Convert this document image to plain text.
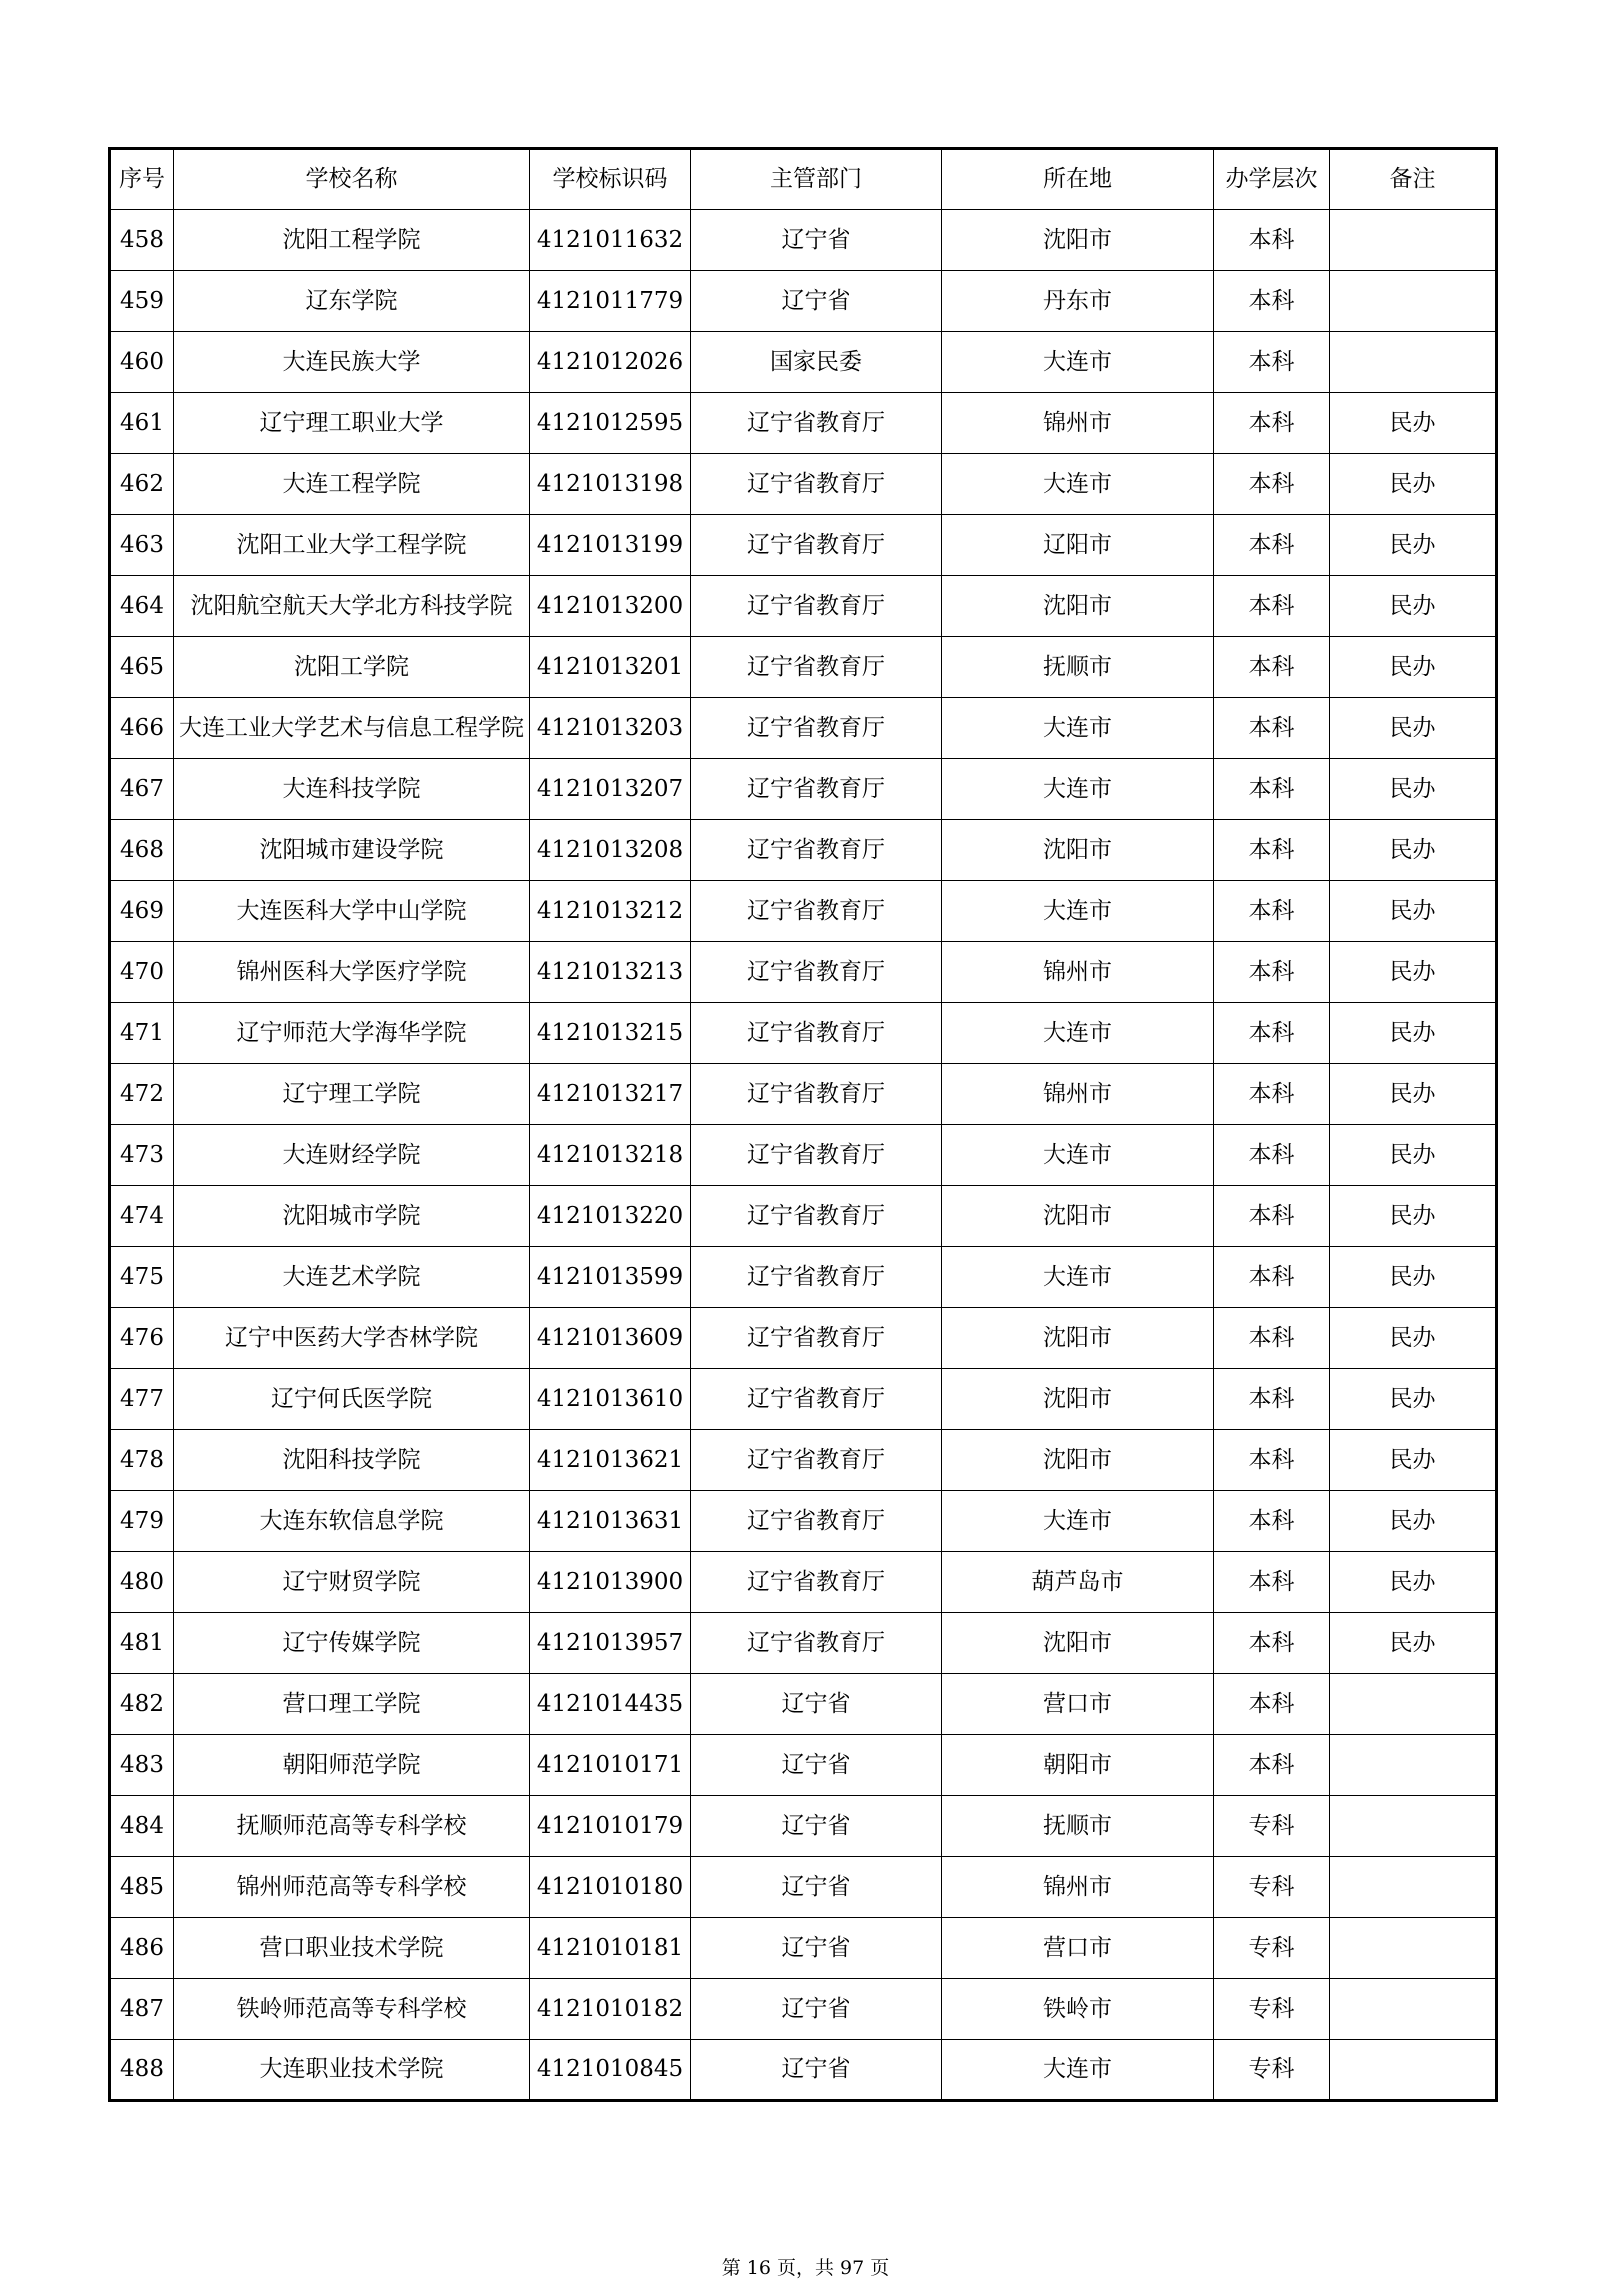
序号	学校名称	学校标识码	主管部门	所在地	办学层次	备注
458	沈阳工程学院	4121011632	辽宁省	沈阳市	本科	
459	辽东学院	4121011779	辽宁省	丹东市	本科	
460	大连民族大学	4121012026	国家民委	大连市	本科	
461	辽宁理工职业大学	4121012595	辽宁省教育厅	锦州市	本科	民办
462	大连工程学院	4121013198	辽宁省教育厅	大连市	本科	民办
463	沈阳工业大学工程学院	4121013199	辽宁省教育厅	辽阳市	本科	民办
464	沈阳航空航天大学北方科技学院	4121013200	辽宁省教育厅	沈阳市	本科	民办
465	沈阳工学院	4121013201	辽宁省教育厅	抚顺市	本科	民办
466	大连工业大学艺术与信息工程学院	4121013203	辽宁省教育厅	大连市	本科	民办
467	大连科技学院	4121013207	辽宁省教育厅	大连市	本科	民办
468	沈阳城市建设学院	4121013208	辽宁省教育厅	沈阳市	本科	民办
469	大连医科大学中山学院	4121013212	辽宁省教育厅	大连市	本科	民办
470	锦州医科大学医疗学院	4121013213	辽宁省教育厅	锦州市	本科	民办
471	辽宁师范大学海华学院	4121013215	辽宁省教育厅	大连市	本科	民办
472	辽宁理工学院	4121013217	辽宁省教育厅	锦州市	本科	民办
473	大连财经学院	4121013218	辽宁省教育厅	大连市	本科	民办
474	沈阳城市学院	4121013220	辽宁省教育厅	沈阳市	本科	民办
475	大连艺术学院	4121013599	辽宁省教育厅	大连市	本科	民办
476	辽宁中医药大学杏林学院	4121013609	辽宁省教育厅	沈阳市	本科	民办
477	辽宁何氏医学院	4121013610	辽宁省教育厅	沈阳市	本科	民办
478	沈阳科技学院	4121013621	辽宁省教育厅	沈阳市	本科	民办
479	大连东软信息学院	4121013631	辽宁省教育厅	大连市	本科	民办
480	辽宁财贸学院	4121013900	辽宁省教育厅	葫芦岛市	本科	民办
481	辽宁传媒学院	4121013957	辽宁省教育厅	沈阳市	本科	民办
482	营口理工学院	4121014435	辽宁省	营口市	本科	
483	朝阳师范学院	4121010171	辽宁省	朝阳市	本科	
484	抚顺师范高等专科学校	4121010179	辽宁省	抚顺市	专科	
485	锦州师范高等专科学校	4121010180	辽宁省	锦州市	专科	
486	营口职业技术学院	4121010181	辽宁省	营口市	专科	
487	铁岭师范高等专科学校	4121010182	辽宁省	铁岭市	专科	
488	大连职业技术学院	4121010845	辽宁省	大连市	专科	
第 16 页，共 97 页
